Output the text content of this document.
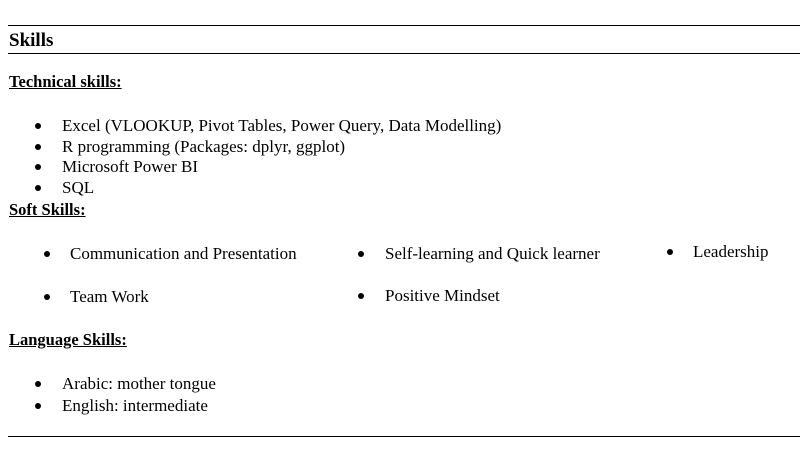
Skills
Technical skills:
Excel (VLOOKUP, Pivot Tables, Power Query, Data Modelling)
R programming (Packages: dplyr, ggplot)
Microsoft Power BI
SQL
Soft Skills:
Communication and Presentation	Self-learning and Quick learner	Leadership
Team Work	Positive Mindset
Language Skills:
Arabic: mother tongue
English: intermediate
